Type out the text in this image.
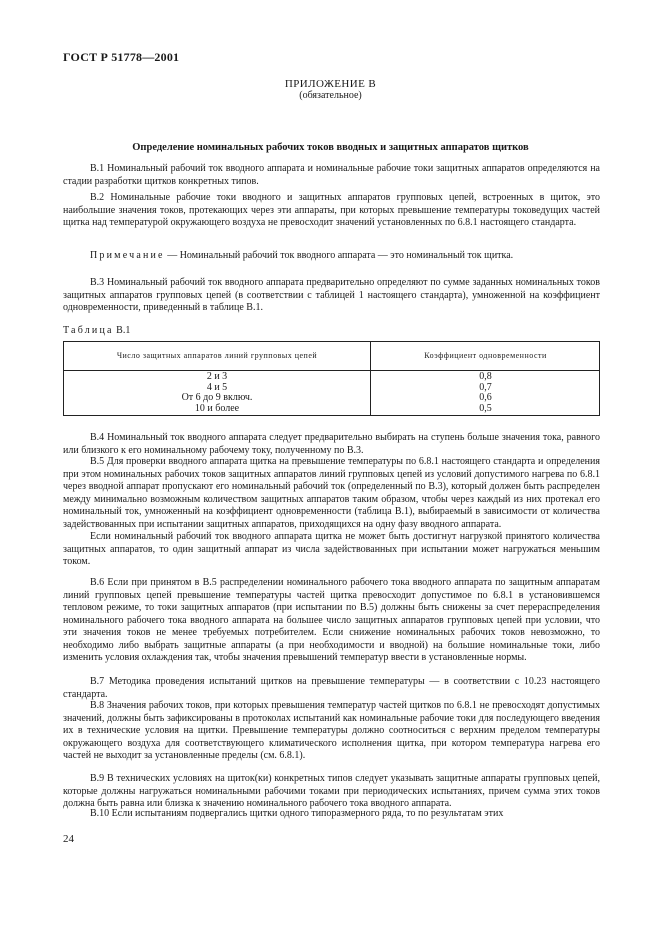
ГОСТ Р 51778—2001
ПРИЛОЖЕНИЕ В
(обязательное)
Определение номинальных рабочих токов вводных и защитных аппаратов щитков

В.1 Номинальный рабочий ток вводного аппарата и номинальные рабочие токи защитных аппаратов определяются на стадии разработки щитков конкретных типов.

В.2 Номинальные рабочие токи вводного и защитных аппаратов групповых цепей, встроенных в щиток, это наибольшие значения токов, протекающих через эти аппараты, при которых превышение температуры токоведущих частей щитка над температурой окружающего воздуха не превосходит значений установленных по 6.8.1 настоящего стандарта.

Примечание — Номинальный рабочий ток вводного аппарата — это номинальный ток щитка.

В.3 Номинальный рабочий ток вводного аппарата предварительно определяют по сумме заданных номинальных токов защитных аппаратов групповых цепей (в соответствии с таблицей 1 настоящего стандарта), умноженной на коэффициент одновременности, приведенный в таблице В.1.

Таблица В.1
Число защитных аппаратов линий групповых цепей	Коэффициент одновременности
2 и 3	0,8
4 и 5	0,7
От 6 до 9 включ.	0,6
10 и более	0,5

В.4 Номинальный ток вводного аппарата следует предварительно выбирать на ступень больше значения тока, равного или близкого к его номинальному рабочему току, полученному по В.3.

В.5 Для проверки вводного аппарата щитка на превышение температуры по 6.8.1 настоящего стандарта и определения при этом номинальных рабочих токов защитных аппаратов линий групповых цепей из условий допустимого нагрева по 6.8.1 через вводной аппарат пропускают его номинальный рабочий ток (определенный по В.3), который должен быть распределен между минимально возможным количеством защитных аппаратов таким образом, чтобы через каждый из них протекал его номинальный ток, умноженный на коэффициент одновременности (таблица В.1), выбираемый в зависимости от количества задействованных при испытании защитных аппаратов, приходящихся на одну фазу вводного аппарата.

Если номинальный рабочий ток вводного аппарата щитка не может быть достигнут нагрузкой принятого количества защитных аппаратов, то один защитный аппарат из числа задействованных при испытании может нагружаться меньшим током.

В.6 Если при принятом в В.5 распределении номинального рабочего тока вводного аппарата по защитным аппаратам линий групповых цепей превышение температуры частей щитка превосходит допустимое по 6.8.1 в установившемся тепловом режиме, то токи защитных аппаратов (при испытании по В.5) должны быть снижены за счет перераспределения номинального рабочего тока вводного аппарата на большее число защитных аппаратов групповых цепей при условии, что эти значения токов не менее требуемых потребителем. Если снижение номинальных рабочих токов невозможно, то необходимо либо выбрать защитные аппараты (а при необходимости и вводной) на большие номинальные токи, либо изменить условия охлаждения так, чтобы значения превышений температур ввести в установленные нормы.

В.7 Методика проведения испытаний щитков на превышение температуры — в соответствии с 10.23 настоящего стандарта.

В.8 Значения рабочих токов, при которых превышения температур частей щитков по 6.8.1 не превосходят допустимых значений, должны быть зафиксированы в протоколах испытаний как номинальные рабочие токи для последующего введения их в технические условия на щитки. Превышение температуры должно соотноситься с верхним пределом температуры окружающего воздуха для соответствующего климатического исполнения щитка, при котором температура нагрева его частей не выходит за установленные пределы (см. 6.8.1).

В.9 В технических условиях на щиток(ки) конкретных типов следует указывать защитные аппараты групповых цепей, которые должны нагружаться номинальными рабочими токами при периодических испытаниях, причем сумма этих токов должна быть равна или близка к значению номинального рабочего тока вводного аппарата.

В.10 Если испытаниям подвергались щитки одного типоразмерного ряда, то по результатам этих

24
